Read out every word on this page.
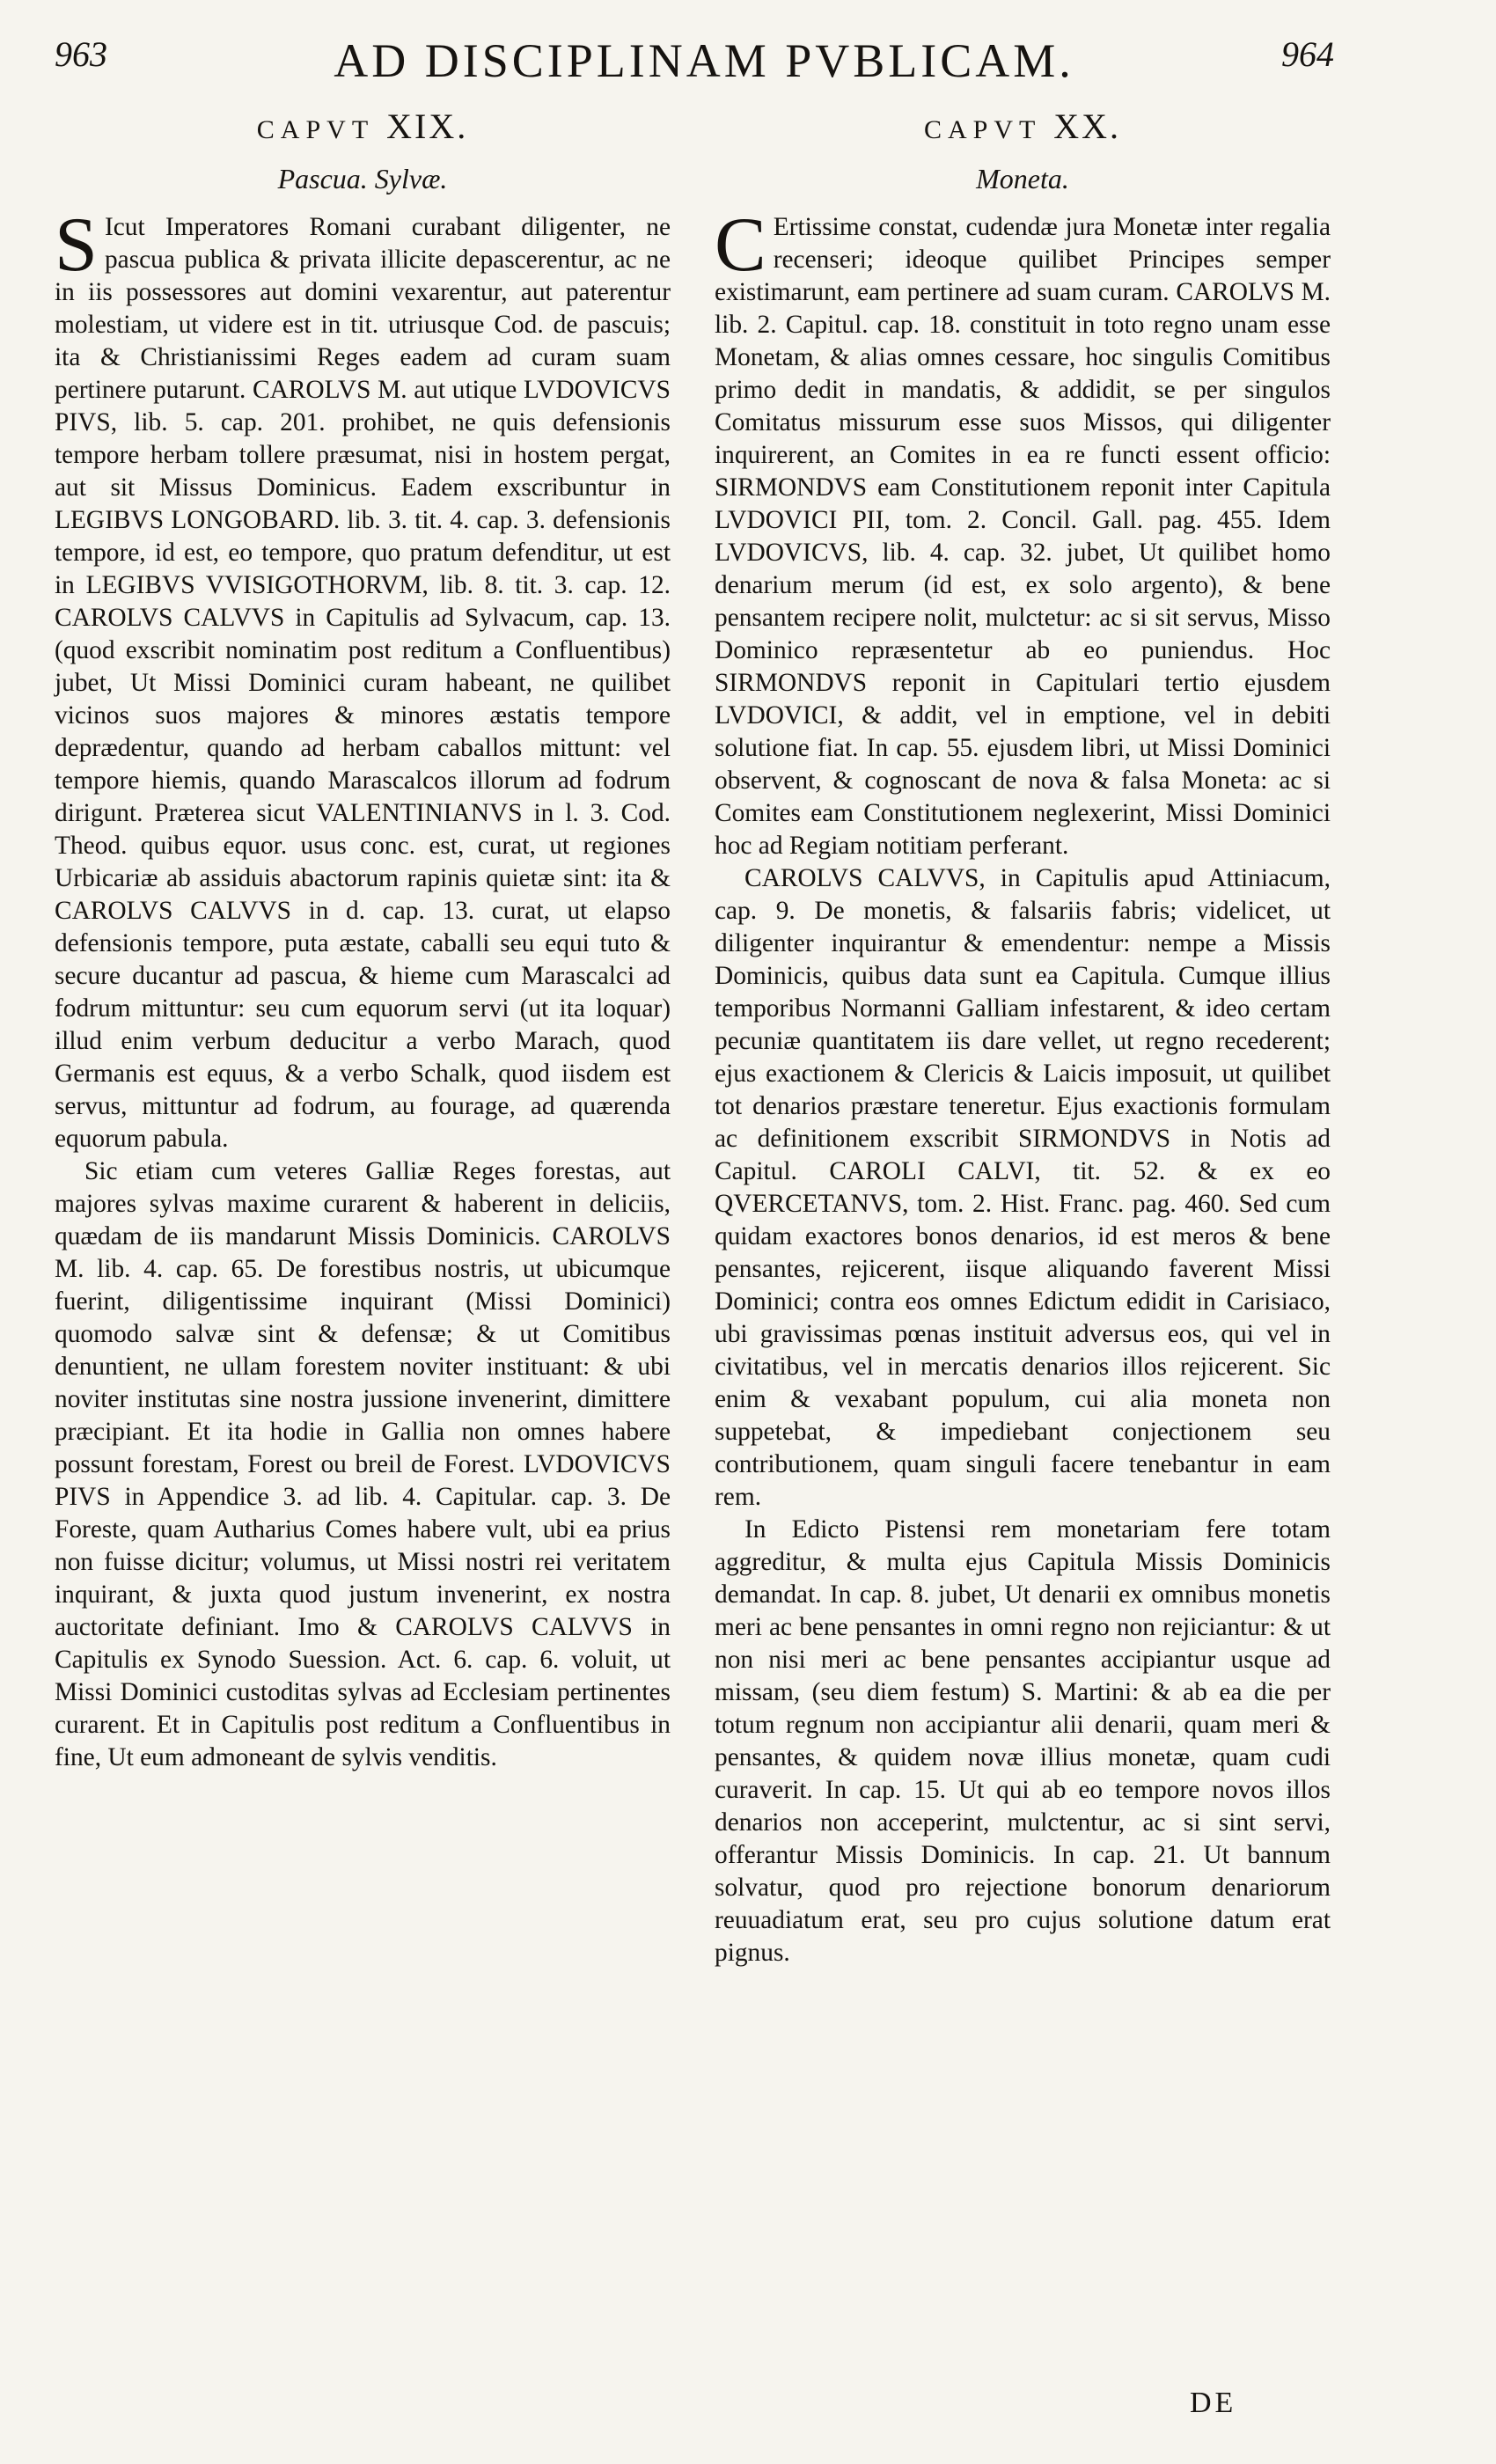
963	AD DISCIPLINAM PVBLICAM.	964
CAPVT XIX.
Pascua. Sylvæ.

S Icut Imperatores Romani curabant diligenter, ne pascua publica & privata illicite depascerentur, ac ne in iis possessores aut domini vexarentur, aut paterentur molestiam, ut videre est in tit. utriusque Cod. de pascuis; ita & Christianissimi Reges eadem ad curam suam pertinere putarunt. CAROLVS M. aut utique LVDOVICVS PIVS, lib. 5. cap. 201. prohibet, ne quis defensionis tempore herbam tollere præsumat, nisi in hostem pergat, aut sit Missus Dominicus. Eadem exscribuntur in LEGIBVS LONGOBARD. lib. 3. tit. 4. cap. 3. defensionis tempore, id est, eo tempore, quo pratum defenditur, ut est in LEGIBVS VVISIGOTHORVM, lib. 8. tit. 3. cap. 12. CAROLVS CALVVS in Capitulis ad Sylvacum, cap. 13. (quod exscribit nominatim post reditum a Confluentibus) jubet, Ut Missi Dominici curam habeant, ne quilibet vicinos suos majores & minores æstatis tempore deprædentur, quando ad herbam caballos mittunt: vel tempore hiemis, quando Marascalcos illorum ad fodrum dirigunt. Præterea sicut VALENTINIANVS in l. 3. Cod. Theod. quibus equor. usus conc. est, curat, ut regiones Urbicariæ ab assiduis abactorum rapinis quietæ sint: ita & CAROLVS CALVVS in d. cap. 13. curat, ut elapso defensionis tempore, puta æstate, caballi seu equi tuto & secure ducantur ad pascua, & hieme cum Marascalci ad fodrum mittuntur: seu cum equorum servi (ut ita loquar) illud enim verbum deducitur a verbo Marach, quod Germanis est equus, & a verbo Schalk, quod iisdem est servus, mittuntur ad fodrum, au fourage, ad quærenda equorum pabula.

Sic etiam cum veteres Galliæ Reges forestas, aut majores sylvas maxime curarent & haberent in deliciis, quædam de iis mandarunt Missis Dominicis. CAROLVS M. lib. 4. cap. 65. De forestibus nostris, ut ubicumque fuerint, diligentissime inquirant (Missi Dominici) quomodo salvæ sint & defensæ; & ut Comitibus denuntient, ne ullam forestem noviter instituant: & ubi noviter institutas sine nostra jussione invenerint, dimittere præcipiant. Et ita hodie in Gallia non omnes habere possunt forestam, Forest ou breil de Forest. LVDOVICVS PIVS in Appendice 3. ad lib. 4. Capitular. cap. 3. De Foreste, quam Autharius Comes habere vult, ubi ea prius non fuisse dicitur; volumus, ut Missi nostri rei veritatem inquirant, & juxta quod justum invenerint, ex nostra auctoritate definiant. Imo & CAROLVS CALVVS in Capitulis ex Synodo Suession. Act. 6. cap. 6. voluit, ut Missi Dominici custoditas sylvas ad Ecclesiam pertinentes curarent. Et in Capitulis post reditum a Confluentibus in fine, Ut eum admoneant de sylvis venditis.

CAPVT XX.
Moneta.

C Ertissime constat, cudendæ jura Monetæ inter regalia recenseri; ideoque quilibet Principes semper existimarunt, eam pertinere ad suam curam. CAROLVS M. lib. 2. Capitul. cap. 18. constituit in toto regno unam esse Monetam, & alias omnes cessare, hoc singulis Comitibus primo dedit in mandatis, & addidit, se per singulos Comitatus missurum esse suos Missos, qui diligenter inquirerent, an Comites in ea re functi essent officio: SIRMONDVS eam Constitutionem reponit inter Capitula LVDOVICI PII, tom. 2. Concil. Gall. pag. 455. Idem LVDOVICVS, lib. 4. cap. 32. jubet, Ut quilibet homo denarium merum (id est, ex solo argento), & bene pensantem recipere nolit, mulctetur: ac si sit servus, Misso Dominico repræsentetur ab eo puniendus. Hoc SIRMONDVS reponit in Capitulari tertio ejusdem LVDOVICI, & addit, vel in emptione, vel in debiti solutione fiat. In cap. 55. ejusdem libri, ut Missi Dominici observent, & cognoscant de nova & falsa Moneta: ac si Comites eam Constitutionem neglexerint, Missi Dominici hoc ad Regiam notitiam perferant.

CAROLVS CALVVS, in Capitulis apud Attiniacum, cap. 9. De monetis, & falsariis fabris; videlicet, ut diligenter inquirantur & emendentur: nempe a Missis Dominicis, quibus data sunt ea Capitula. Cumque illius temporibus Normanni Galliam infestarent, & ideo certam pecuniæ quantitatem iis dare vellet, ut regno recederent; ejus exactionem & Clericis & Laicis imposuit, ut quilibet tot denarios præstare teneretur. Ejus exactionis formulam ac definitionem exscribit SIRMONDVS in Notis ad Capitul. CAROLI CALVI, tit. 52. & ex eo QVERCETANVS, tom. 2. Hist. Franc. pag. 460. Sed cum quidam exactores bonos denarios, id est meros & bene pensantes, rejicerent, iisque aliquando faverent Missi Dominici; contra eos omnes Edictum edidit in Carisiaco, ubi gravissimas pœnas instituit adversus eos, qui vel in civitatibus, vel in mercatis denarios illos rejicerent. Sic enim & vexabant populum, cui alia moneta non suppetebat, & impediebant conjectionem seu contributionem, quam singuli facere tenebantur in eam rem.

In Edicto Pistensi rem monetariam fere totam aggreditur, & multa ejus Capitula Missis Dominicis demandat. In cap. 8. jubet, Ut denarii ex omnibus monetis meri ac bene pensantes in omni regno non rejiciantur: & ut non nisi meri ac bene pensantes accipiantur usque ad missam, (seu diem festum) S. Martini: & ab ea die per totum regnum non accipiantur alii denarii, quam meri & pensantes, & quidem novæ illius monetæ, quam cudi curaverit. In cap. 15. Ut qui ab eo tempore novos illos denarios non acceperint, mulctentur, ac si sint servi, offerantur Missis Dominicis. In cap. 21. Ut bannum solvatur, quod pro rejectione bonorum denariorum reuuadiatum erat, seu pro cujus solutione datum erat pignus.

DE
